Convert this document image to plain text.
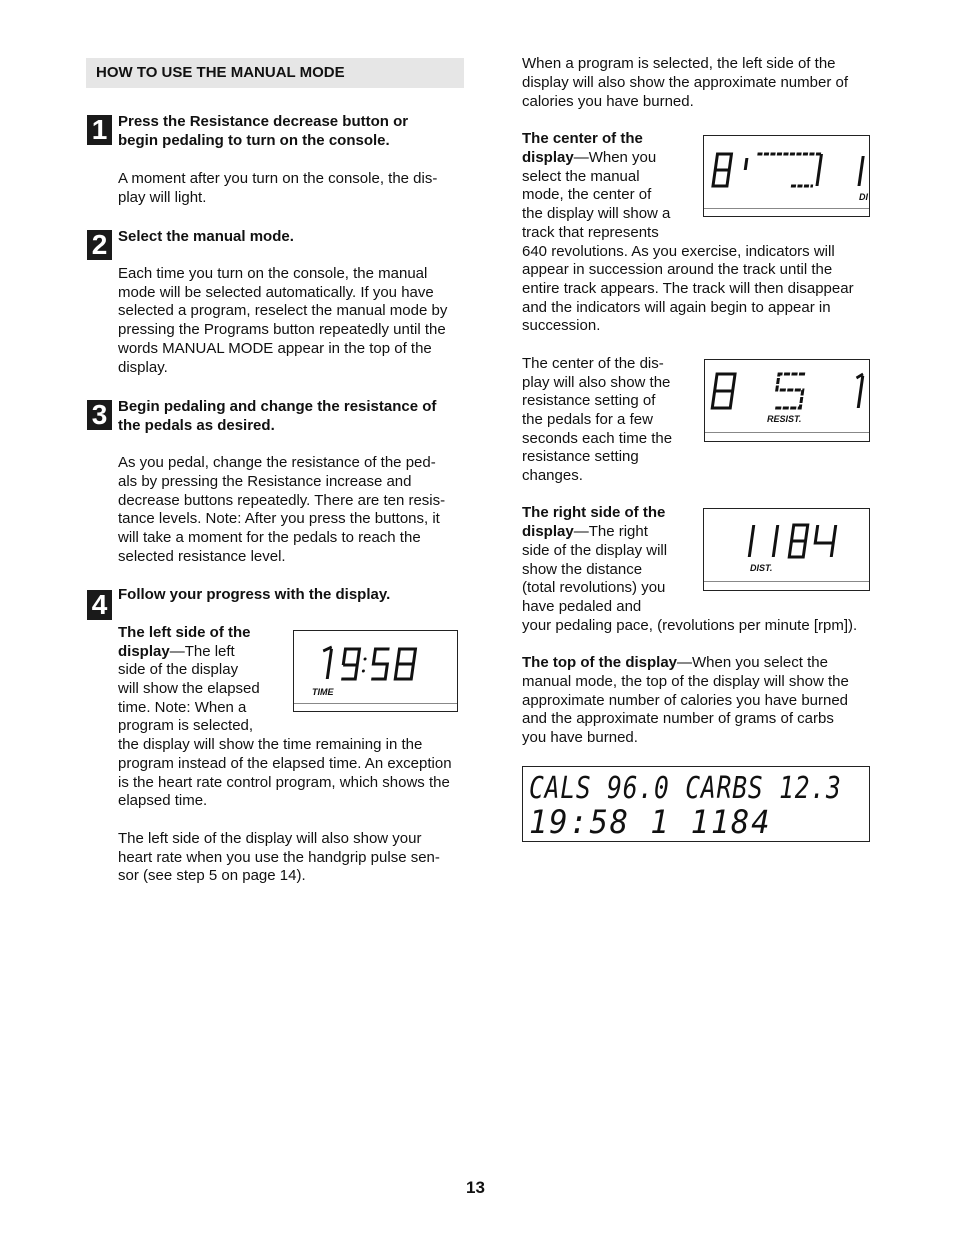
HOW TO USE THE MANUAL MODE
1 Press the Resistance decrease button or

begin pedaling to turn on the console.

A moment after you turn on the console, the dis-

play will light.

2 Select the manual mode.

Each time you turn on the console, the manual

mode will be selected automatically. If you have

selected a program, reselect the manual mode by

pressing the Programs button repeatedly until the

words MANUAL MODE appear in the top of the

display.

3 Begin pedaling and change the resistance of

the pedals as desired.

As you pedal, change the resistance of the ped-

als by pressing the Resistance increase and

decrease buttons repeatedly. There are ten resis-

tance levels. Note: After you press the buttons, it

will take a moment for the pedals to reach the

selected resistance level.

4 Follow your progress with the display.

The left side of the

display—The left

side of the display

will show the elapsed

time. Note: When a

program is selected,

the display will show the time remaining in the

program instead of the elapsed time. An exception

is the heart rate control program, which shows the

elapsed time.

The left side of the display will also show your

heart rate when you use the handgrip pulse sen-

sor (see step 5 on page 14).

TIME

When a program is selected, the left side of the

display will also show the approximate number of

calories you have burned.

The center of the

display—When you

select the manual

mode, the center of

the display will show a

track that represents

640 revolutions. As you exercise, indicators will

appear in succession around the track until the

entire track appears. The track will then disappear

and the indicators will again begin to appear in

succession.

DI

The center of the dis-

play will also show the

resistance setting of

the pedals for a few

seconds each time the

resistance setting

changes.

RESIST.

The right side of the

display—The right

side of the display will

show the distance

(total revolutions) you

have pedaled and

your pedaling pace, (revolutions per minute [rpm]).

DIST.

The top of the display—When you select the

manual mode, the top of the display will show the

approximate number of calories you have burned

and the approximate number of grams of carbs

you have burned.

CALS 96.0 CARBS 12.3
19:58 1 1184
13
